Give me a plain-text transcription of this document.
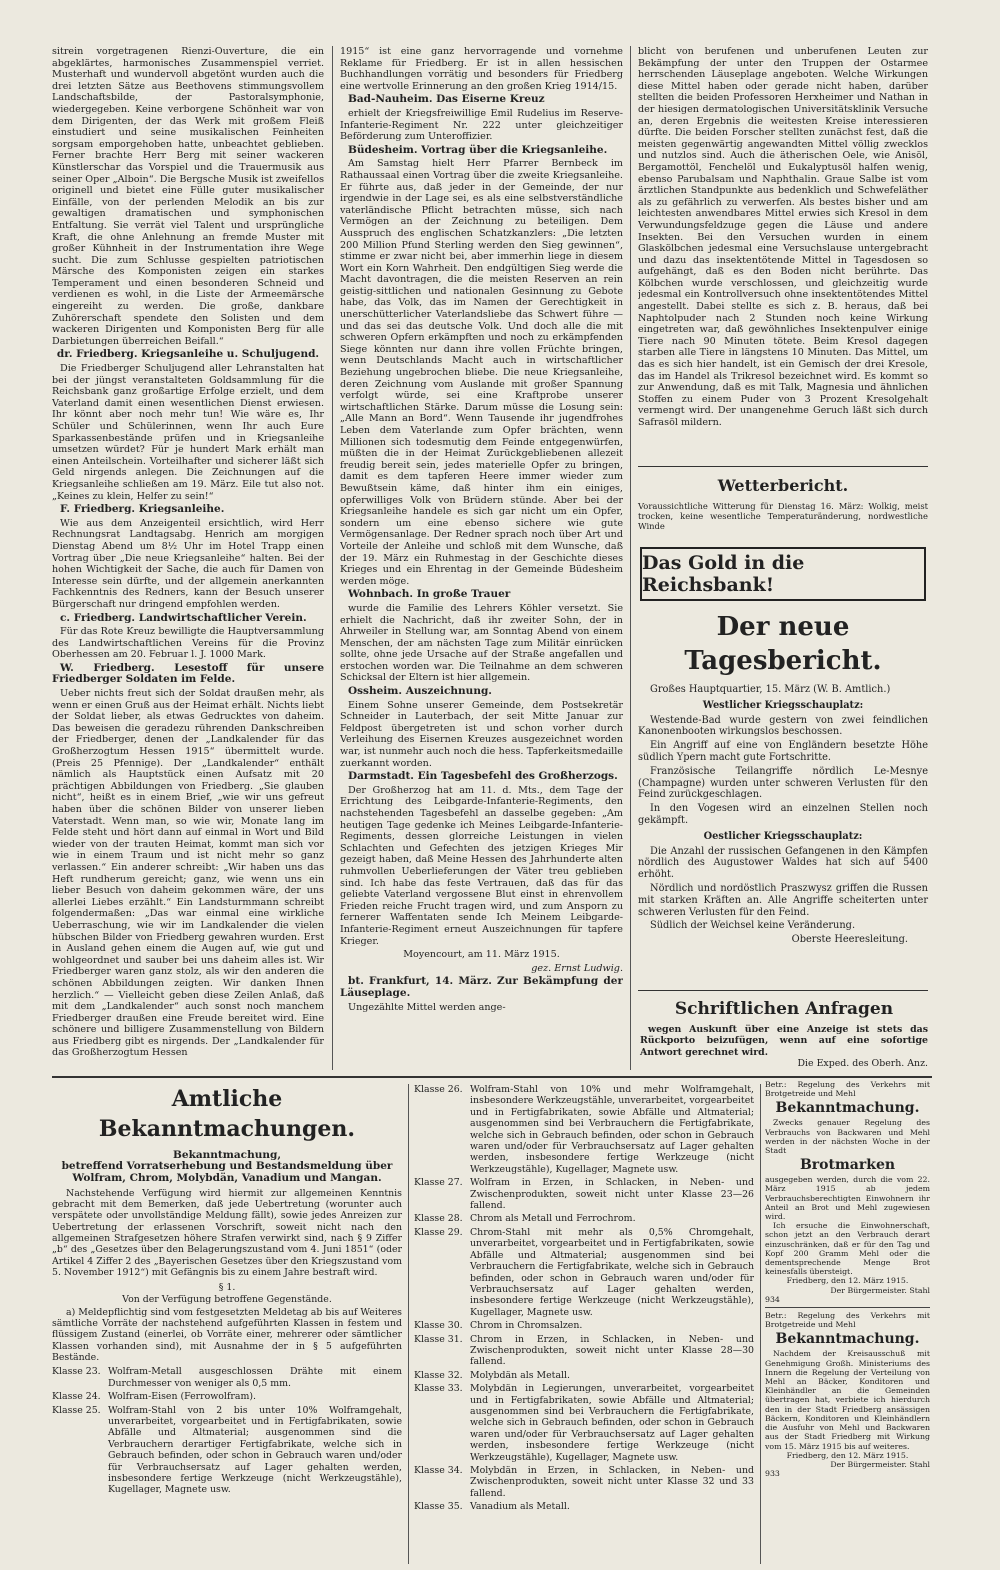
sitrein vorgetragenen Rienzi-Ouverture, die ein abgeklärtes, harmonisches Zusammenspiel verriet. Musterhaft und wundervoll abgetönt wurden auch die drei letzten Sätze aus Beethovens stimmungsvollem Landschaftsbilde, der Pastoralsymphonie, wiedergegeben. Keine verborgene Schönheit war von dem Dirigenten, der das Werk mit großem Fleiß einstudiert und seine musikalischen Feinheiten sorgsam emporgehoben hatte, unbeachtet geblieben. Ferner brachte Herr Berg mit seiner wackeren Künstlerschar das Vorspiel und die Trauermusik aus seiner Oper „Alboin“. Die Bergsche Musik ist zweifellos originell und bietet eine Fülle guter musikalischer Einfälle, von der perlenden Melodik an bis zur gewaltigen dramatischen und symphonischen Entfaltung. Sie verrät viel Talent und ursprüngliche Kraft, die ohne Anlehnung an fremde Muster mit großer Kühnheit in der Instrumentation ihre Wege sucht. Die zum Schlusse gespielten patriotischen Märsche des Komponisten zeigen ein starkes Temperament und einen besonderen Schneid und verdienen es wohl, in die Liste der Armeemärsche eingereiht zu werden. Die große, dankbare Zuhörerschaft spendete den Solisten und dem wackeren Dirigenten und Komponisten Berg für alle Darbietungen überreichen Beifall.“

dr. Friedberg. Kriegsanleihe u. Schuljugend.

Die Friedberger Schuljugend aller Lehranstalten hat bei der jüngst veranstalteten Goldsammlung für die Reichsbank ganz großartige Erfolge erzielt, und dem Vaterland damit einen wesentlichen Dienst erwiesen. Ihr könnt aber noch mehr tun! Wie wäre es, Ihr Schüler und Schülerinnen, wenn Ihr auch Eure Sparkassenbestände prüfen und in Kriegsanleihe umsetzen würdet? Für je hundert Mark erhält man einen Anteilschein. Vorteilhafter und sicherer läßt sich Geld nirgends anlegen. Die Zeichnungen auf die Kriegsanleihe schließen am 19. März. Eile tut also not. „Keines zu klein, Helfer zu sein!“

F. Friedberg. Kriegsanleihe.

Wie aus dem Anzeigenteil ersichtlich, wird Herr Rechnungsrat Landtagsabg. Henrich am morgigen Dienstag Abend um 8½ Uhr im Hotel Trapp einen Vortrag über „Die neue Kriegsanleihe“ halten. Bei der hohen Wichtigkeit der Sache, die auch für Damen von Interesse sein dürfte, und der allgemein anerkannten Fachkenntnis des Redners, kann der Besuch unserer Bürgerschaft nur dringend empfohlen werden.

c. Friedberg. Landwirtschaftlicher Verein.

Für das Rote Kreuz bewilligte die Hauptversammlung des Landwirtschaftlichen Vereins für die Provinz Oberhessen am 20. Februar l. J. 1000 Mark.

W. Friedberg. Lesestoff für unsere Friedberger Soldaten im Felde.

Ueber nichts freut sich der Soldat draußen mehr, als wenn er einen Gruß aus der Heimat erhält. Nichts liebt der Soldat lieber, als etwas Gedrucktes von daheim. Das beweisen die geradezu rührenden Dankschreiben der Friedberger, denen der „Landkalender für das Großherzogtum Hessen 1915“ übermittelt wurde. (Preis 25 Pfennige). Der „Landkalender“ enthält nämlich als Hauptstück einen Aufsatz mit 20 prächtigen Abbildungen von Friedberg. „Sie glauben nicht“, heißt es in einem Brief, „wie wir uns gefreut haben über die schönen Bilder von unserer lieben Vaterstadt. Wenn man, so wie wir, Monate lang im Felde steht und hört dann auf einmal in Wort und Bild wieder von der trauten Heimat, kommt man sich vor wie in einem Traum und ist nicht mehr so ganz verlassen.“ Ein anderer schreibt: „Wir haben uns das Heft rundherum gereicht; ganz, wie wenn uns ein lieber Besuch von daheim gekommen wäre, der uns allerlei Liebes erzählt.“ Ein Landsturmmann schreibt folgendermaßen: „Das war einmal eine wirkliche Ueberraschung, wie wir im Landkalender die vielen hübschen Bilder von Friedberg gewahren wurden. Erst in Ausland gehen einem die Augen auf, wie gut und wohlgeordnet und sauber bei uns daheim alles ist. Wir Friedberger waren ganz stolz, als wir den anderen die schönen Abbildungen zeigten. Wir danken Ihnen herzlich.“ — Vielleicht geben diese Zeilen Anlaß, daß mit dem „Landkalender“ auch sonst noch manchem Friedberger draußen eine Freude bereitet wird. Eine schönere und billigere Zusammenstellung von Bildern aus Friedberg gibt es nirgends. Der „Landkalender für das Großherzogtum Hessen

1915“ ist eine ganz hervorragende und vornehme Reklame für Friedberg. Er ist in allen hessischen Buchhandlungen vorrätig und besonders für Friedberg eine wertvolle Erinnerung an den großen Krieg 1914/15.

Bad-Nauheim. Das Eiserne Kreuz

erhielt der Kriegsfreiwillige Emil Rudelius im Reserve-Infanterie-Regiment Nr. 222 unter gleichzeitiger Beförderung zum Unteroffizier.

Büdesheim. Vortrag über die Kriegsanleihe.

Am Samstag hielt Herr Pfarrer Bernbeck im Rathaussaal einen Vortrag über die zweite Kriegsanleihe. Er führte aus, daß jeder in der Gemeinde, der nur irgendwie in der Lage sei, es als eine selbstverständliche vaterländische Pflicht betrachten müsse, sich nach Vermögen an der Zeichnung zu beteiligen. Dem Ausspruch des englischen Schatzkanzlers: „Die letzten 200 Million Pfund Sterling werden den Sieg gewinnen“, stimme er zwar nicht bei, aber immerhin liege in diesem Wort ein Korn Wahrheit. Den endgültigen Sieg werde die Macht davontragen, die die meisten Reserven an rein geistig-sittlichen und nationalen Gesinnung zu Gebote habe, das Volk, das im Namen der Gerechtigkeit in unerschütterlicher Vaterlandsliebe das Schwert führe — und das sei das deutsche Volk. Und doch alle die mit schweren Opfern erkämpften und noch zu erkämpfenden Siege könnten nur dann ihre vollen Früchte bringen, wenn Deutschlands Macht auch in wirtschaftlicher Beziehung ungebrochen bliebe. Die neue Kriegsanleihe, deren Zeichnung vom Auslande mit großer Spannung verfolgt würde, sei eine Kraftprobe unserer wirtschaftlichen Stärke. Darum müsse die Losung sein: „Alle Mann an Bord“. Wenn Tausende ihr jugendfrohes Leben dem Vaterlande zum Opfer brächten, wenn Millionen sich todesmutig dem Feinde entgegenwürfen, müßten die in der Heimat Zurückgebliebenen allezeit freudig bereit sein, jedes materielle Opfer zu bringen, damit es dem tapferen Heere immer wieder zum Bewußtsein käme, daß hinter ihm ein einiges, opferwilliges Volk von Brüdern stünde. Aber bei der Kriegsanleihe handele es sich gar nicht um ein Opfer, sondern um eine ebenso sichere wie gute Vermögensanlage. Der Redner sprach noch über Art und Vorteile der Anleihe und schloß mit dem Wunsche, daß der 19. März ein Ruhmestag in der Geschichte dieses Krieges und ein Ehrentag in der Gemeinde Büdesheim werden möge.

Wohnbach. In große Trauer

wurde die Familie des Lehrers Köhler versetzt. Sie erhielt die Nachricht, daß ihr zweiter Sohn, der in Ahrweiler in Stellung war, am Sonntag Abend von einem Menschen, der am nächsten Tage zum Militär einrücken sollte, ohne jede Ursache auf der Straße angefallen und erstochen worden war. Die Teilnahme an dem schweren Schicksal der Eltern ist hier allgemein.

Ossheim. Auszeichnung.

Einem Sohne unserer Gemeinde, dem Postsekretär Schneider in Lauterbach, der seit Mitte Januar zur Feldpost übergetreten ist und schon vorher durch Verleihung des Eisernen Kreuzes ausgezeichnet worden war, ist nunmehr auch noch die hess. Tapferkeitsmedaille zuerkannt worden.

Darmstadt. Ein Tagesbefehl des Großherzogs.

Der Großherzog hat am 11. d. Mts., dem Tage der Errichtung des Leibgarde-Infanterie-Regiments, den nachstehenden Tagesbefehl an dasselbe gegeben: „Am heutigen Tage gedenke ich Meines Leibgarde-Infanterie-Regiments, dessen glorreiche Leistungen in vielen Schlachten und Gefechten des jetzigen Krieges Mir gezeigt haben, daß Meine Hessen des Jahrhunderte alten ruhmvollen Ueberlieferungen der Väter treu geblieben sind. Ich habe das feste Vertrauen, daß das für das geliebte Vaterland vergossene Blut einst in ehrenvollem Frieden reiche Frucht tragen wird, und zum Ansporn zu fernerer Waffentaten sende Ich Meinem Leibgarde-Infanterie-Regiment erneut Auszeichnungen für tapfere Krieger.

Moyencourt, am 11. März 1915.

gez. Ernst Ludwig.

bt. Frankfurt, 14. März. Zur Bekämpfung der Läuseplage.

Ungezählte Mittel werden ange-

blicht von berufenen und unberufenen Leuten zur Bekämpfung der unter den Truppen der Ostarmee herrschenden Läuseplage angeboten. Welche Wirkungen diese Mittel haben oder gerade nicht haben, darüber stellten die beiden Professoren Herxheimer und Nathan in der hiesigen dermatologischen Universitätsklinik Versuche an, deren Ergebnis die weitesten Kreise interessieren dürfte. Die beiden Forscher stellten zunächst fest, daß die meisten gegenwärtig angewandten Mittel völlig zwecklos und nutzlos sind. Auch die ätherischen Oele, wie Anisöl, Bergamottöl, Fenchelöl und Eukalyptusöl halfen wenig, ebenso Parubalsam und Naphthalin. Graue Salbe ist vom ärztlichen Standpunkte aus bedenklich und Schwefeläther als zu gefährlich zu verwerfen. Als bestes bisher und am leichtesten anwendbares Mittel erwies sich Kresol in dem Verwundungsfeldzuge gegen die Läuse und andere Insekten. Bei den Versuchen wurden in einem Glaskölbchen jedesmal eine Versuchslause untergebracht und dazu das insektentötende Mittel in Tagesdosen so aufgehängt, daß es den Boden nicht berührte. Das Kölbchen wurde verschlossen, und gleichzeitig wurde jedesmal ein Kontrollversuch ohne insektentötendes Mittel angestellt. Dabei stellte es sich z. B. heraus, daß bei Naphtolpuder nach 2 Stunden noch keine Wirkung eingetreten war, daß gewöhnliches Insektenpulver einige Tiere nach 90 Minuten tötete. Beim Kresol dagegen starben alle Tiere in längstens 10 Minuten. Das Mittel, um das es sich hier handelt, ist ein Gemisch der drei Kresole, das im Handel als Trikresol bezeichnet wird. Es kommt so zur Anwendung, daß es mit Talk, Magnesia und ähnlichen Stoffen zu einem Puder von 3 Prozent Kresolgehalt vermengt wird. Der unangenehme Geruch läßt sich durch Safrasöl mildern.

Wetterbericht.
Voraussichtliche Witterung für Dienstag 16. März: Wolkig, meist trocken, keine wesentliche Temperaturänderung, nordwestliche Winde
Das Gold in die Reichsbank!
Der neue Tagesbericht.
Großes Hauptquartier, 15. März (W. B. Amtlich.)
Westlicher Kriegsschauplatz:
Westende-Bad wurde gestern von zwei feindlichen Kanonenbooten wirkungslos beschossen.
Ein Angriff auf eine von Engländern besetzte Höhe südlich Ypern macht gute Fortschritte.
Französische Teilangriffe nördlich Le-Mesnye (Champagne) wurden unter schweren Verlusten für den Feind zurückgeschlagen.
In den Vogesen wird an einzelnen Stellen noch gekämpft.
Oestlicher Kriegsschauplatz:
Die Anzahl der russischen Gefangenen in den Kämpfen nördlich des Augustower Waldes hat sich auf 5400 erhöht.
Nördlich und nordöstlich Praszwysz griffen die Russen mit starken Kräften an. Alle Angriffe scheiterten unter schweren Verlusten für den Feind.
Südlich der Weichsel keine Veränderung.
Oberste Heeresleitung.
Schriftlichen Anfragen
wegen Auskunft über eine Anzeige ist stets das Rückporto beizufügen, wenn auf eine sofortige Antwort gerechnet wird.
Die Exped. des Oberh. Anz.
Amtliche Bekanntmachungen.
Bekanntmachung,
betreffend Vorratserhebung und Bestandsmeldung über Wolfram, Chrom, Molybdän, Vanadium und Mangan.
Nachstehende Verfügung wird hiermit zur allgemeinen Kenntnis gebracht mit dem Bemerken, daß jede Uebertretung (worunter auch verspätete oder unvollständige Meldung fällt), sowie jedes Anreizen zur Uebertretung der erlassenen Vorschrift, soweit nicht nach den allgemeinen Strafgesetzen höhere Strafen verwirkt sind, nach § 9 Ziffer „b“ des „Gesetzes über den Belagerungszustand vom 4. Juni 1851“ (oder Artikel 4 Ziffer 2 des „Bayerischen Gesetzes über den Kriegszustand vom 5. November 1912“) mit Gefängnis bis zu einem Jahre bestraft wird.
§ 1.
Von der Verfügung betroffene Gegenstände.
a) Meldepflichtig sind vom festgesetzten Meldetag ab bis auf Weiteres sämtliche Vorräte der nachstehend aufgeführten Klassen in festem und flüssigem Zustand (einerlei, ob Vorräte einer, mehrerer oder sämtlicher Klassen vorhanden sind), mit Ausnahme der in § 5 aufgeführten Bestände.
Klasse 23. Wolfram-Metall ausgeschlossen Drähte mit einem Durchmesser von weniger als 0,5 mm.
Klasse 24. Wolfram-Eisen (Ferrowolfram).
Klasse 25. Wolfram-Stahl von 2 bis unter 10% Wolframgehalt, unverarbeitet, vorgearbeitet und in Fertigfabrikaten, sowie Abfälle und Altmaterial; ausgenommen sind die Verbrauchern derartiger Fertigfabrikate, welche sich in Gebrauch befinden, oder schon in Gebrauch waren und/oder für Verbrauchsersatz auf Lager gehalten werden, insbesondere fertige Werkzeuge (nicht Werkzeugstähle), Kugellager, Magnete usw.
Klasse 26. Wolfram-Stahl von 10% und mehr Wolframgehalt, insbesondere Werkzeugstähle, unverarbeitet, vorgearbeitet und in Fertigfabrikaten, sowie Abfälle und Altmaterial; ausgenommen sind bei Verbrauchern die Fertigfabrikate, welche sich in Gebrauch befinden, oder schon in Gebrauch waren und/oder für Verbrauchsersatz auf Lager gehalten werden, insbesondere fertige Werkzeuge (nicht Werkzeugstähle), Kugellager, Magnete usw.
Klasse 27. Wolfram in Erzen, in Schlacken, in Neben- und Zwischenprodukten, soweit nicht unter Klasse 23—26 fallend.
Klasse 28. Chrom als Metall und Ferrochrom.
Klasse 29. Chrom-Stahl mit mehr als 0,5% Chromgehalt, unverarbeitet, vorgearbeitet und in Fertigfabrikaten, sowie Abfälle und Altmaterial; ausgenommen sind bei Verbrauchern die Fertigfabrikate, welche sich in Gebrauch befinden, oder schon in Gebrauch waren und/oder für Verbrauchsersatz auf Lager gehalten werden, insbesondere fertige Werkzeuge (nicht Werkzeugstähle), Kugellager, Magnete usw.
Klasse 30. Chrom in Chromsalzen.
Klasse 31. Chrom in Erzen, in Schlacken, in Neben- und Zwischenprodukten, soweit nicht unter Klasse 28—30 fallend.
Klasse 32. Molybdän als Metall.
Klasse 33. Molybdän in Legierungen, unverarbeitet, vorgearbeitet und in Fertigfabrikaten, sowie Abfälle und Altmaterial; ausgenommen sind bei Verbrauchern die Fertigfabrikate, welche sich in Gebrauch befinden, oder schon in Gebrauch waren und/oder für Verbrauchsersatz auf Lager gehalten werden, insbesondere fertige Werkzeuge (nicht Werkzeugstähle), Kugellager, Magnete usw.
Klasse 34. Molybdän in Erzen, in Schlacken, in Neben- und Zwischenprodukten, soweit nicht unter Klasse 32 und 33 fallend.
Klasse 35. Vanadium als Metall.
Betr.: Regelung des Verkehrs mit Brotgetreide und Mehl
Bekanntmachung.
Zwecks genauer Regelung des Verbrauchs von Backwaren und Mehl werden in der nächsten Woche in der Stadt
Brotmarken
ausgegeben werden, durch die vom 22. März 1915 ab jedem Verbrauchsberechtigten Einwohnern ihr Anteil an Brot und Mehl zugewiesen wird.
Ich ersuche die Einwohnerschaft, schon jetzt an den Verbrauch derart einzuschränken, daß er für den Tag und Kopf 200 Gramm Mehl oder die dementsprechende Menge Brot keinesfalls übersteigt.
Friedberg, den 12. März 1915.
Der Bürgermeister. Stahl
934
Betr.: Regelung des Verkehrs mit Brotgetreide und Mehl
Bekanntmachung.
Nachdem der Kreisausschuß mit Genehmigung Großh. Ministeriums des Innern die Regelung der Verteilung von Mehl an Bäcker, Konditoren und Kleinhändler an die Gemeinden übertragen hat, verbiete ich hierdurch den in der Stadt Friedberg ansässigen Bäckern, Konditoren und Kleinhändlern die Ausfuhr von Mehl und Backwaren aus der Stadt Friedberg mit Wirkung vom 15. März 1915 bis auf weiteres.
Friedberg, den 12. März 1915.
Der Bürgermeister. Stahl
933
